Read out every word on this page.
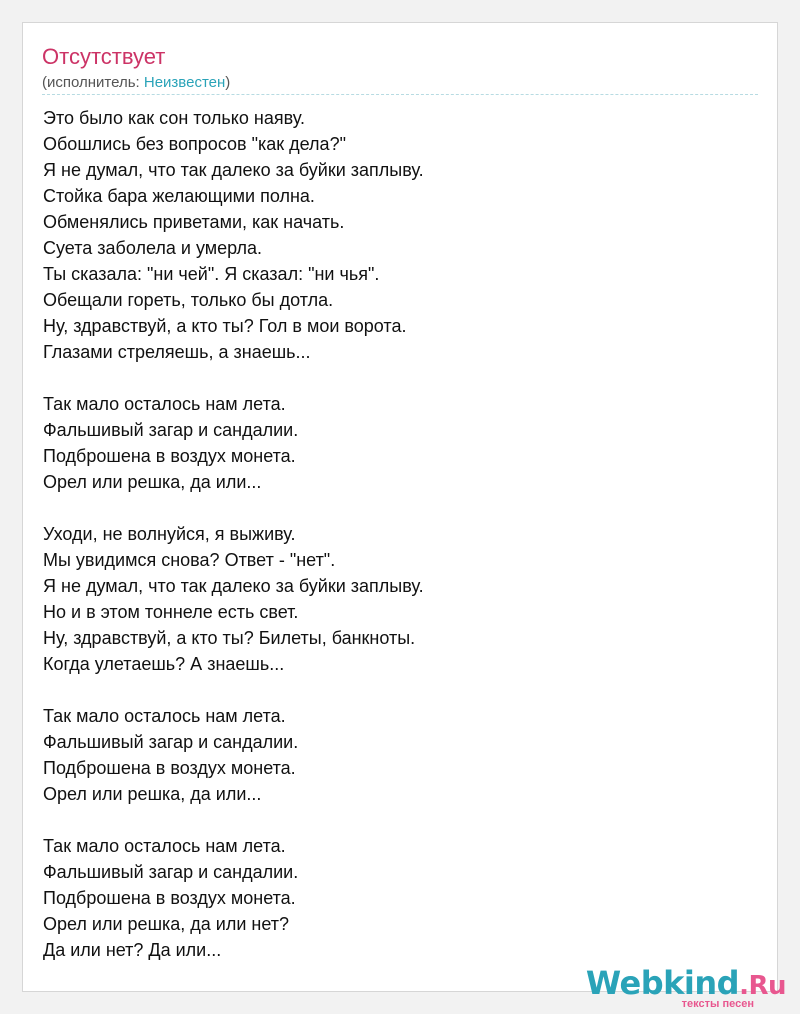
Отсутствует
(исполнитель: Неизвестен)
Это было как сон только наяву.
Обошлись без вопросов "как дела?"
Я не думал, что так далеко за буйки заплыву.
Стойка бара желающими полна.
Обменялись приветами, как начать.
Суета заболела и умерла.
Ты сказала: "ни чей". Я сказал: "ни чья".
Обещали гореть, только бы дотла.
Ну, здравствуй, а кто ты? Гол в мои ворота.
Глазами стреляешь, а знаешь...
Так мало осталось нам лета.
Фальшивый загар и сандалии.
Подброшена в воздух монета.
Орел или решка, да или...
Уходи, не волнуйся, я выживу.
Мы увидимся снова? Ответ - "нет".
Я не думал, что так далеко за буйки заплыву.
Но и в этом тоннеле есть свет.
Ну, здравствуй, а кто ты? Билеты, банкноты.
Когда улетаешь? А знаешь...
Так мало осталось нам лета.
Фальшивый загар и сандалии.
Подброшена в воздух монета.
Орел или решка, да или...
Так мало осталось нам лета.
Фальшивый загар и сандалии.
Подброшена в воздух монета.
Орел или решка, да или нет?
Да или нет? Да или...
Webkind.Ru
тексты песен
